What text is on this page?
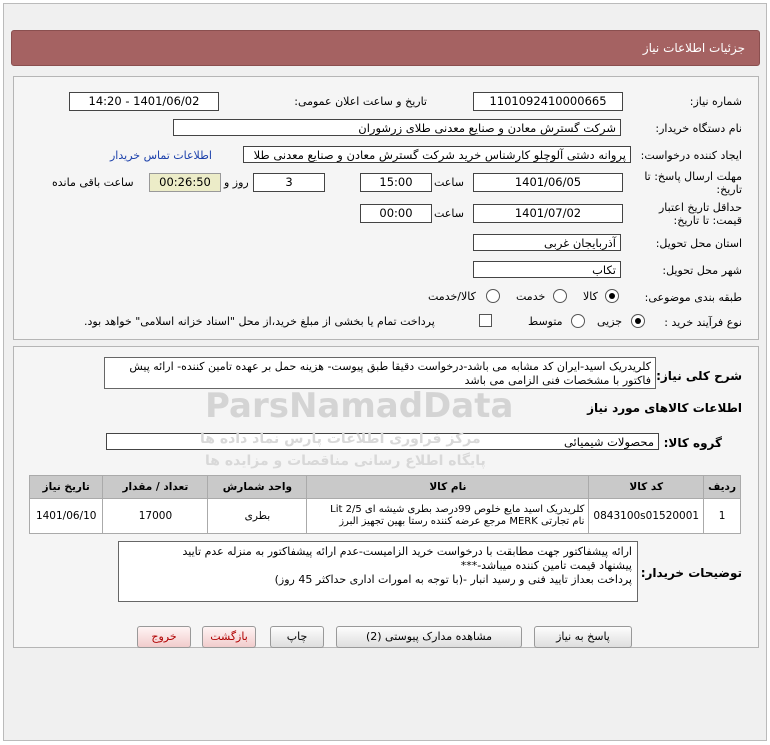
جزئیات اطلاعات نیاز
شماره نیاز:
1101092410000665
تاریخ و ساعت اعلان عمومی:
1401/06/02 - 14:20
نام دستگاه خریدار:
شرکت گسترش معادن و صنایع معدنی طلای زرشوران
ایجاد کننده درخواست:
پروانه دشتی آلوچلو کارشناس خرید شرکت گسترش معادن و صنایع معدنی طلا
اطلاعات تماس خریدار
مهلت ارسال پاسخ: تا
تاریخ:
1401/06/05
ساعت
15:00
3
روز و
00:26:50
ساعت باقی مانده
حداقل تاریخ اعتبار
قیمت: تا تاریخ:
1401/07/02
ساعت
00:00
استان محل تحویل:
آذربایجان غربی
شهر محل تحویل:
تکاب
طبقه بندی موضوعی:
کالا
خدمت
کالا/خدمت
نوع فرآیند خرید :
جزیی
متوسط
پرداخت تمام یا بخشی از مبلغ خرید،از محل "اسناد خزانه اسلامی" خواهد بود.
شرح کلی نیاز:
کلریدریک اسید-ایران کد مشابه می باشد-درخواست دقیقا طبق پیوست- هزینه حمل بر عهده تامین کننده- ارائه پیش فاکتور با مشخصات فنی الزامی می باشد
اطلاعات کالاهای مورد نیاز
گروه کالا:
محصولات شیمیائی
ردیف	کد کالا	نام کالا	واحد شمارش	تعداد / مقدار	تاریخ نیاز
1	0843100s01520001	کلریدریک اسید مایع خلوص 99درصد بطری شیشه ای 2/5 Lit
نام تجارتی MERK مرجع عرضه کننده رستا بهین تجهیز البرز	بطری	17000	1401/06/10
توضیحات خریدار:
ارائه پیشفاکتور جهت مطابقت با درخواست خرید الزامیست-عدم ارائه پیشفاکتور به منزله عدم تایید
پیشنهاد قیمت تامین کننده میباشد-***
پرداخت بعداز تایید فنی و رسید انبار -(با توجه به امورات اداری حداکثر 45 روز)
ParsNamadData
مرکز فراوری اطلاعات پارس نماد داده ها
پایگاه اطلاع رسانی مناقصات و مزایده ها
پاسخ به نیاز
مشاهده مدارک پیوستی (2)
چاپ
بازگشت
خروج
